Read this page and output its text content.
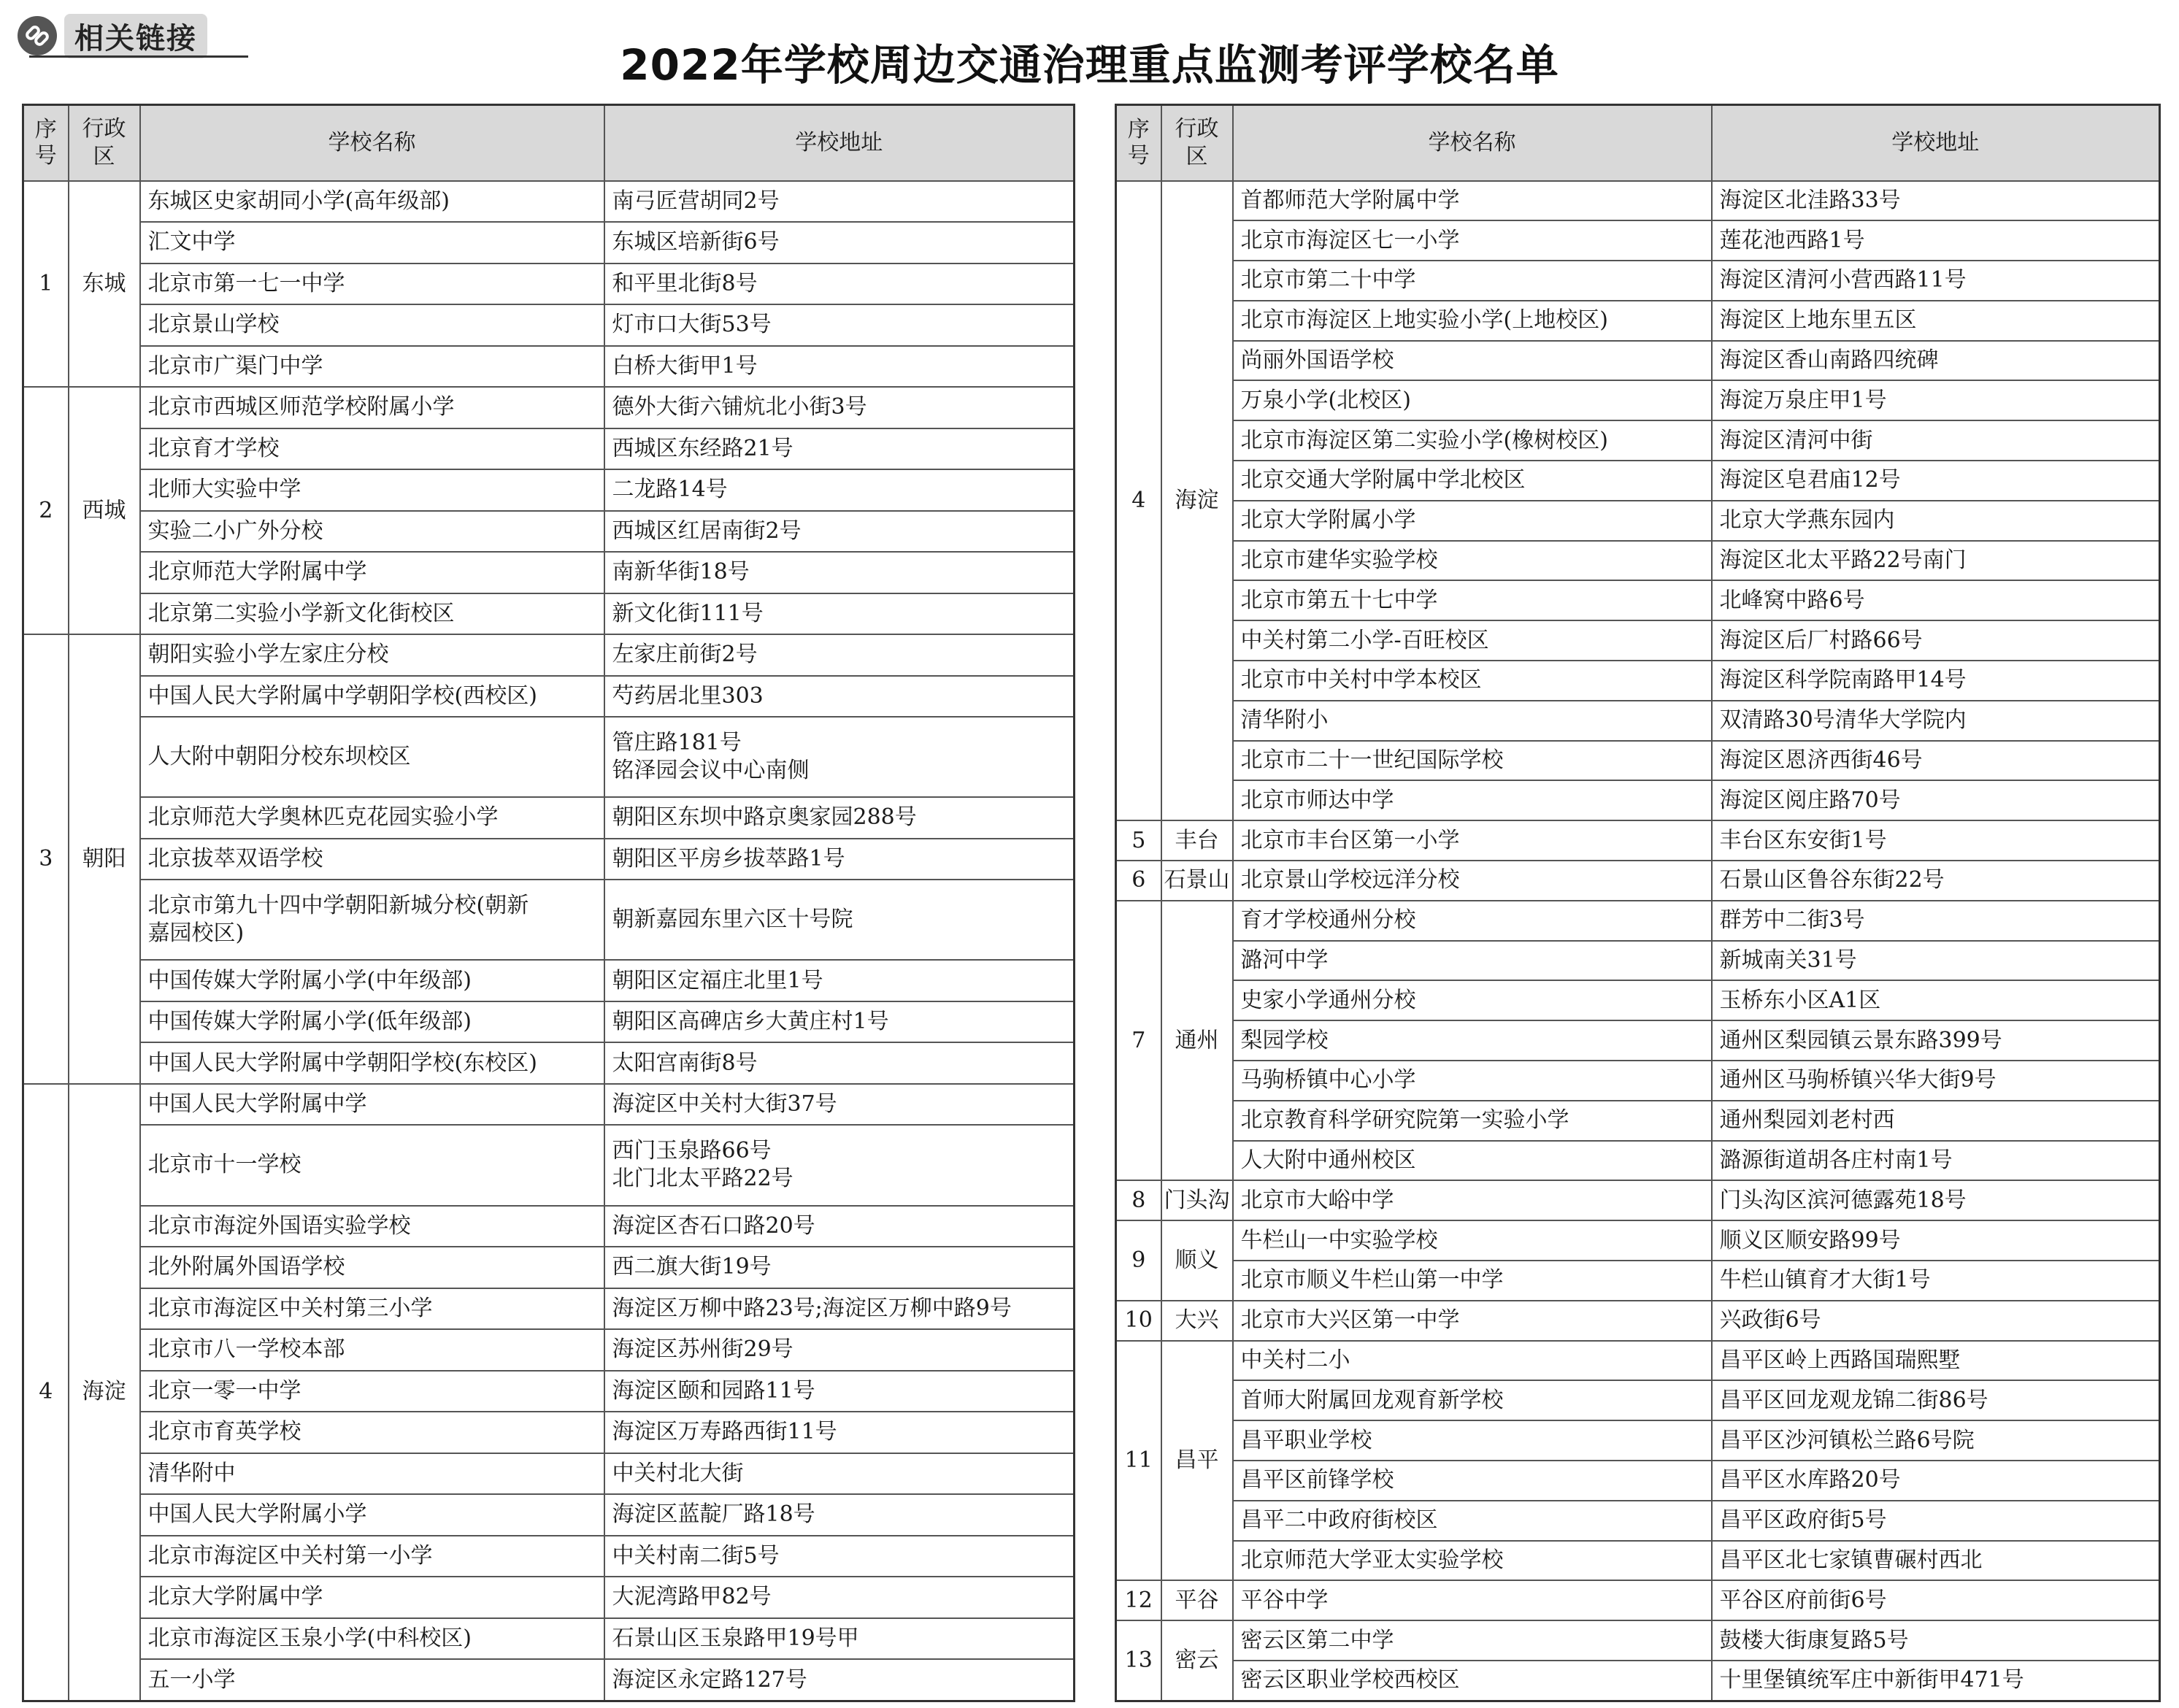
相关链接
2022年学校周边交通治理重点监测考评学校名单
序号	行政区	学校名称	学校地址
1	东城	东城区史家胡同小学(高年级部)	南弓匠营胡同2号

		汇文中学	东城区培新街6号

		北京市第一七一中学	和平里北街8号

		北京景山学校	灯市口大街53号

		北京市广渠门中学	白桥大街甲1号

2	西城	北京市西城区师范学校附属小学	德外大街六铺炕北小街3号

		北京育才学校	西城区东经路21号

		北师大实验中学	二龙路14号

		实验二小广外分校	西城区红居南街2号

		北京师范大学附属中学	南新华街18号

		北京第二实验小学新文化街校区	新文化街111号

3	朝阳	朝阳实验小学左家庄分校	左家庄前街2号

		中国人民大学附属中学朝阳学校(西校区)	芍药居北里303

		人大附中朝阳分校东坝校区	管庄路181号
铭泽园会议中心南侧

		北京师范大学奥林匹克花园实验小学	朝阳区东坝中路京奥家园288号

		北京拔萃双语学校	朝阳区平房乡拔萃路1号

		北京市第九十四中学朝阳新城分校(朝新
嘉园校区)	朝新嘉园东里六区十号院

		中国传媒大学附属小学(中年级部)	朝阳区定福庄北里1号

		中国传媒大学附属小学(低年级部)	朝阳区高碑店乡大黄庄村1号

		中国人民大学附属中学朝阳学校(东校区)	太阳宫南街8号

4	海淀	中国人民大学附属中学	海淀区中关村大街37号

		北京市十一学校	西门玉泉路66号
北门北太平路22号

		北京市海淀外国语实验学校	海淀区杏石口路20号

		北外附属外国语学校	西二旗大街19号

		北京市海淀区中关村第三小学	海淀区万柳中路23号;海淀区万柳中路9号

		北京市八一学校本部	海淀区苏州街29号

		北京一零一中学	海淀区颐和园路11号

		北京市育英学校	海淀区万寿路西街11号

		清华附中	中关村北大街

		中国人民大学附属小学	海淀区蓝靛厂路18号

		北京市海淀区中关村第一小学	中关村南二街5号

		北京大学附属中学	大泥湾路甲82号

		北京市海淀区玉泉小学(中科校区)	石景山区玉泉路甲19号甲

		五一小学	海淀区永定路127号
序号	行政区	学校名称	学校地址
4	海淀	首都师范大学附属中学	海淀区北洼路33号

		北京市海淀区七一小学	莲花池西路1号

		北京市第二十中学	海淀区清河小营西路11号

		北京市海淀区上地实验小学(上地校区)	海淀区上地东里五区

		尚丽外国语学校	海淀区香山南路四统碑

		万泉小学(北校区)	海淀万泉庄甲1号

		北京市海淀区第二实验小学(橡树校区)	海淀区清河中街

		北京交通大学附属中学北校区	海淀区皂君庙12号

		北京大学附属小学	北京大学燕东园内

		北京市建华实验学校	海淀区北太平路22号南门

		北京市第五十七中学	北峰窝中路6号

		中关村第二小学-百旺校区	海淀区后厂村路66号

		北京市中关村中学本校区	海淀区科学院南路甲14号

		清华附小	双清路30号清华大学院内

		北京市二十一世纪国际学校	海淀区恩济西街46号

		北京市师达中学	海淀区阅庄路70号

5	丰台	北京市丰台区第一小学	丰台区东安街1号

6	石景山	北京景山学校远洋分校	石景山区鲁谷东街22号

7	通州	育才学校通州分校	群芳中二街3号

		潞河中学	新城南关31号

		史家小学通州分校	玉桥东小区A1区

		梨园学校	通州区梨园镇云景东路399号

		马驹桥镇中心小学	通州区马驹桥镇兴华大街9号

		北京教育科学研究院第一实验小学	通州梨园刘老村西

		人大附中通州校区	潞源街道胡各庄村南1号

8	门头沟	北京市大峪中学	门头沟区滨河德露苑18号

9	顺义	牛栏山一中实验学校	顺义区顺安路99号

		北京市顺义牛栏山第一中学	牛栏山镇育才大街1号

10	大兴	北京市大兴区第一中学	兴政街6号

11	昌平	中关村二小	昌平区岭上西路国瑞熙墅

		首师大附属回龙观育新学校	昌平区回龙观龙锦二街86号

		昌平职业学校	昌平区沙河镇松兰路6号院

		昌平区前锋学校	昌平区水库路20号

		昌平二中政府街校区	昌平区政府街5号

		北京师范大学亚太实验学校	昌平区北七家镇曹碾村西北

12	平谷	平谷中学	平谷区府前街6号

13	密云	密云区第二中学	鼓楼大街康复路5号

		密云区职业学校西校区	十里堡镇统军庄中新街甲471号
